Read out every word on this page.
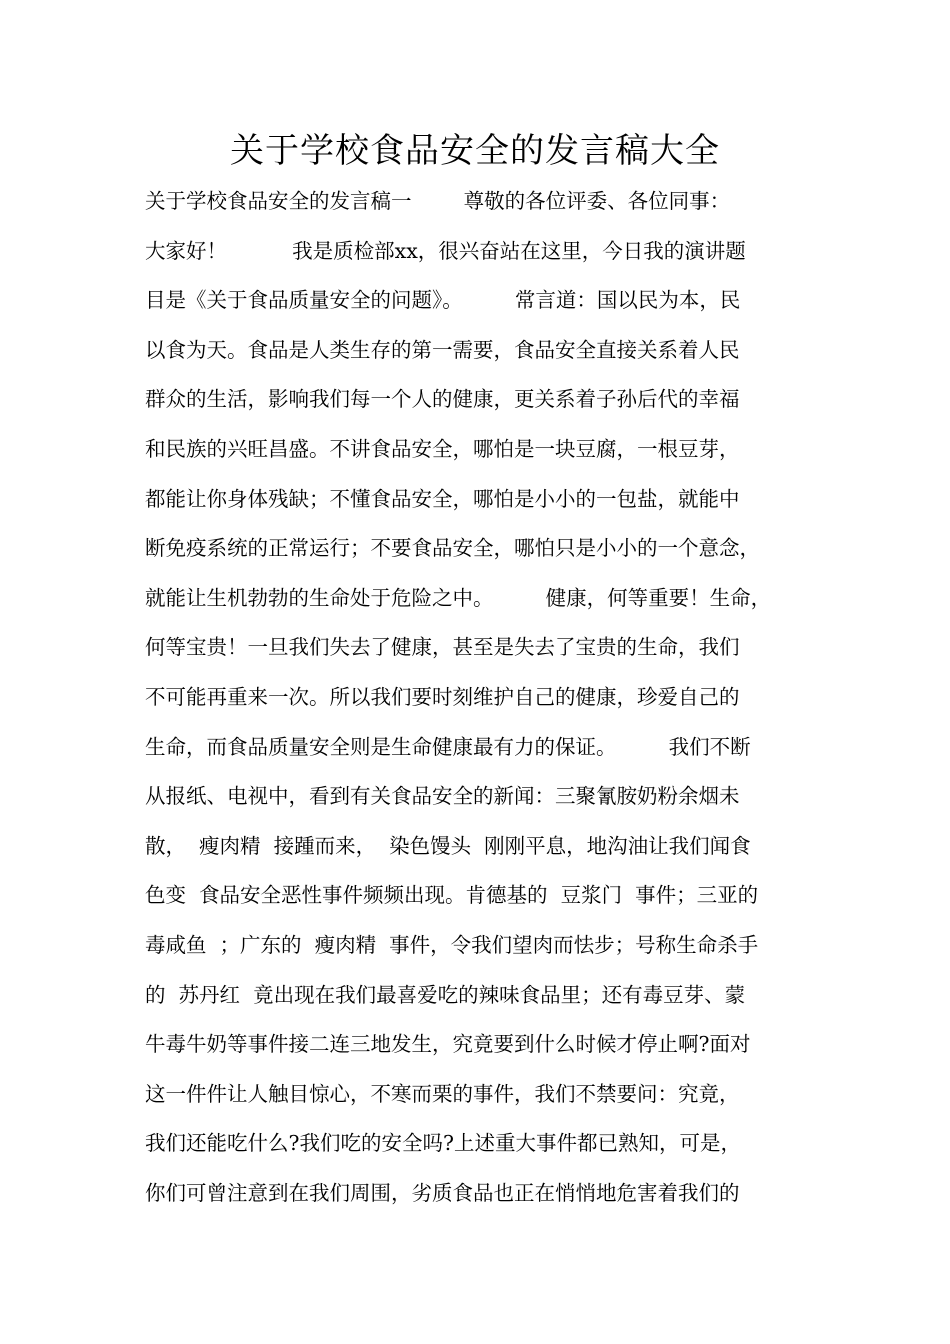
关于学校食品安全的发言稿大全
关于学校食品安全的发言稿一        尊敬的各位评委、各位同事：
大家好！          我是质检部xx，很兴奋站在这里，今日我的演讲题
目是《关于食品质量安全的问题》。        常言道：国以民为本，民
以食为天。食品是人类生存的第一需要，食品安全直接关系着人民
群众的生活，影响我们每一个人的健康，更关系着子孙后代的幸福
和民族的兴旺昌盛。不讲食品安全，哪怕是一块豆腐，一根豆芽，
都能让你身体残缺；不懂食品安全，哪怕是小小的一包盐，就能中
断免疫系统的正常运行；不要食品安全，哪怕只是小小的一个意念，
就能让生机勃勃的生命处于危险之中。        健康，何等重要！生命，
何等宝贵！一旦我们失去了健康，甚至是失去了宝贵的生命，我们
不可能再重来一次。所以我们要时刻维护自己的健康，珍爱自己的
生命，而食品质量安全则是生命健康最有力的保证。        我们不断
从报纸、电视中，看到有关食品安全的新闻：三聚氰胺奶粉余烟未
散，  瘦肉精  接踵而来，  染色馒头  刚刚平息，地沟油让我们闻食
色变  食品安全恶性事件频频出现。肯德基的  豆浆门  事件；三亚的
毒咸鱼  ；广东的  瘦肉精  事件，令我们望肉而怯步；号称生命杀手
的  苏丹红  竟出现在我们最喜爱吃的辣味食品里；还有毒豆芽、蒙
牛毒牛奶等事件接二连三地发生，究竟要到什么时候才停止啊?面对
这一件件让人触目惊心，不寒而栗的事件，我们不禁要问：究竟，
我们还能吃什么?我们吃的安全吗?上述重大事件都已熟知，可是，
你们可曾注意到在我们周围，劣质食品也正在悄悄地危害着我们的
